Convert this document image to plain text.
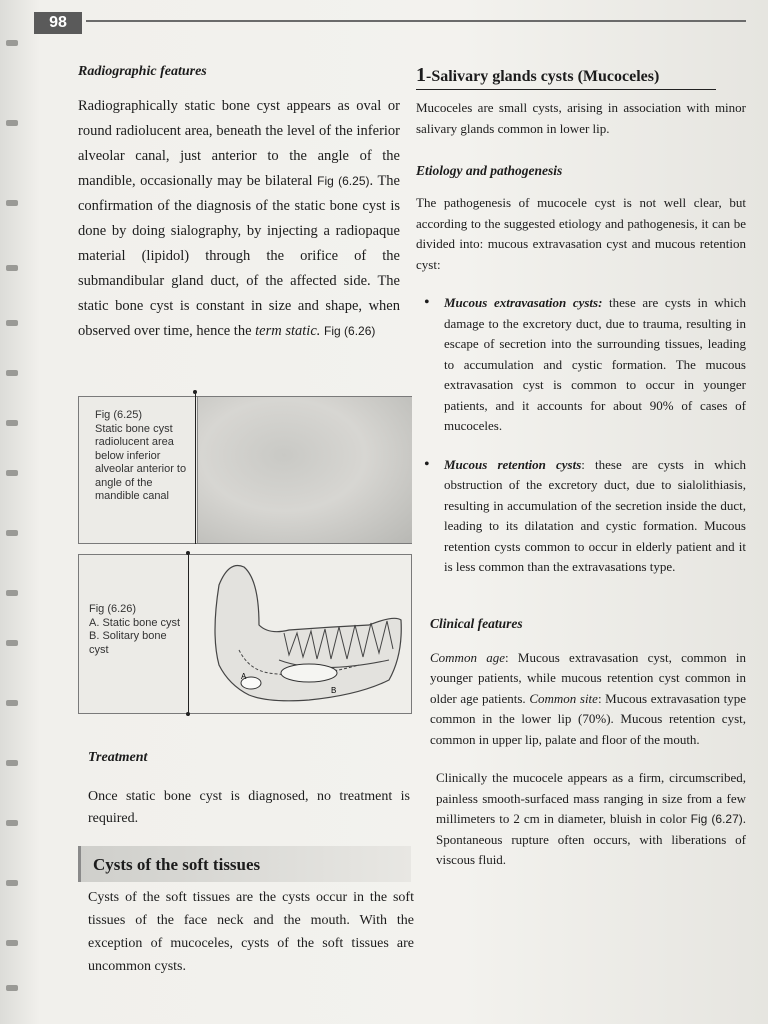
98
Radiographic features

Radiographically static bone cyst appears as oval or round radiolucent area, beneath the level of the inferior alveolar canal, just anterior to the angle of the mandible, occasionally may be bilateral Fig (6.25). The confirmation of the diagnosis of the static bone cyst is done by doing sialography, by injecting a radiopaque material (lipidol) through the orifice of the submandibular gland duct, of the affected side. The static bone cyst is constant in size and shape, when observed over time, hence the term static. Fig (6.26)

Fig (6.25)
Static bone cyst radiolucent area below inferior alveolar anterior to angle of the mandible canal
Fig (6.26)
A. Static bone cyst
B. Solitary bone cyst
A
B
Treatment

Once static bone cyst is diagnosed, no treatment is required.

Cysts of the soft tissues

Cysts of the soft tissues are the cysts occur in the soft tissues of the face neck and the mouth. With the exception of mucoceles, cysts of the soft tissues are uncommon cysts.

1-Salivary glands cysts (Mucoceles)

Mucoceles are small cysts, arising in association with minor salivary glands common in lower lip.

Etiology and pathogenesis

The pathogenesis of mucocele cyst is not well clear, but according to the suggested etiology and pathogenesis, it can be divided into: mucous extravasation cyst and mucous retention cyst:

• Mucous extravasation cysts: these are cysts in which damage to the excretory duct, due to trauma, resulting in escape of secretion into the surrounding tissues, leading to accumulation and cystic formation. The mucous extravasation cyst is common to occur in younger patients, and it accounts for about 90% of cases of mucoceles.
• Mucous retention cysts: these are cysts in which obstruction of the excretory duct, due to sialolithiasis, resulting in accumulation of the secretion inside the duct, leading to its dilatation and cystic formation. Mucous retention cysts common to occur in elderly patient and it is less common than the extravasations type.
Clinical features

Common age: Mucous extravasation cyst, common in younger patients, while mucous retention cyst common in older age patients. Common site: Mucous extravasation type common in the lower lip (70%). Mucous retention cyst, common in upper lip, palate and floor of the mouth.

Clinically the mucocele appears as a firm, circumscribed, painless smooth-surfaced mass ranging in size from a few millimeters to 2 cm in diameter, bluish in color Fig (6.27). Spontaneous rupture often occurs, with liberations of viscous fluid.
